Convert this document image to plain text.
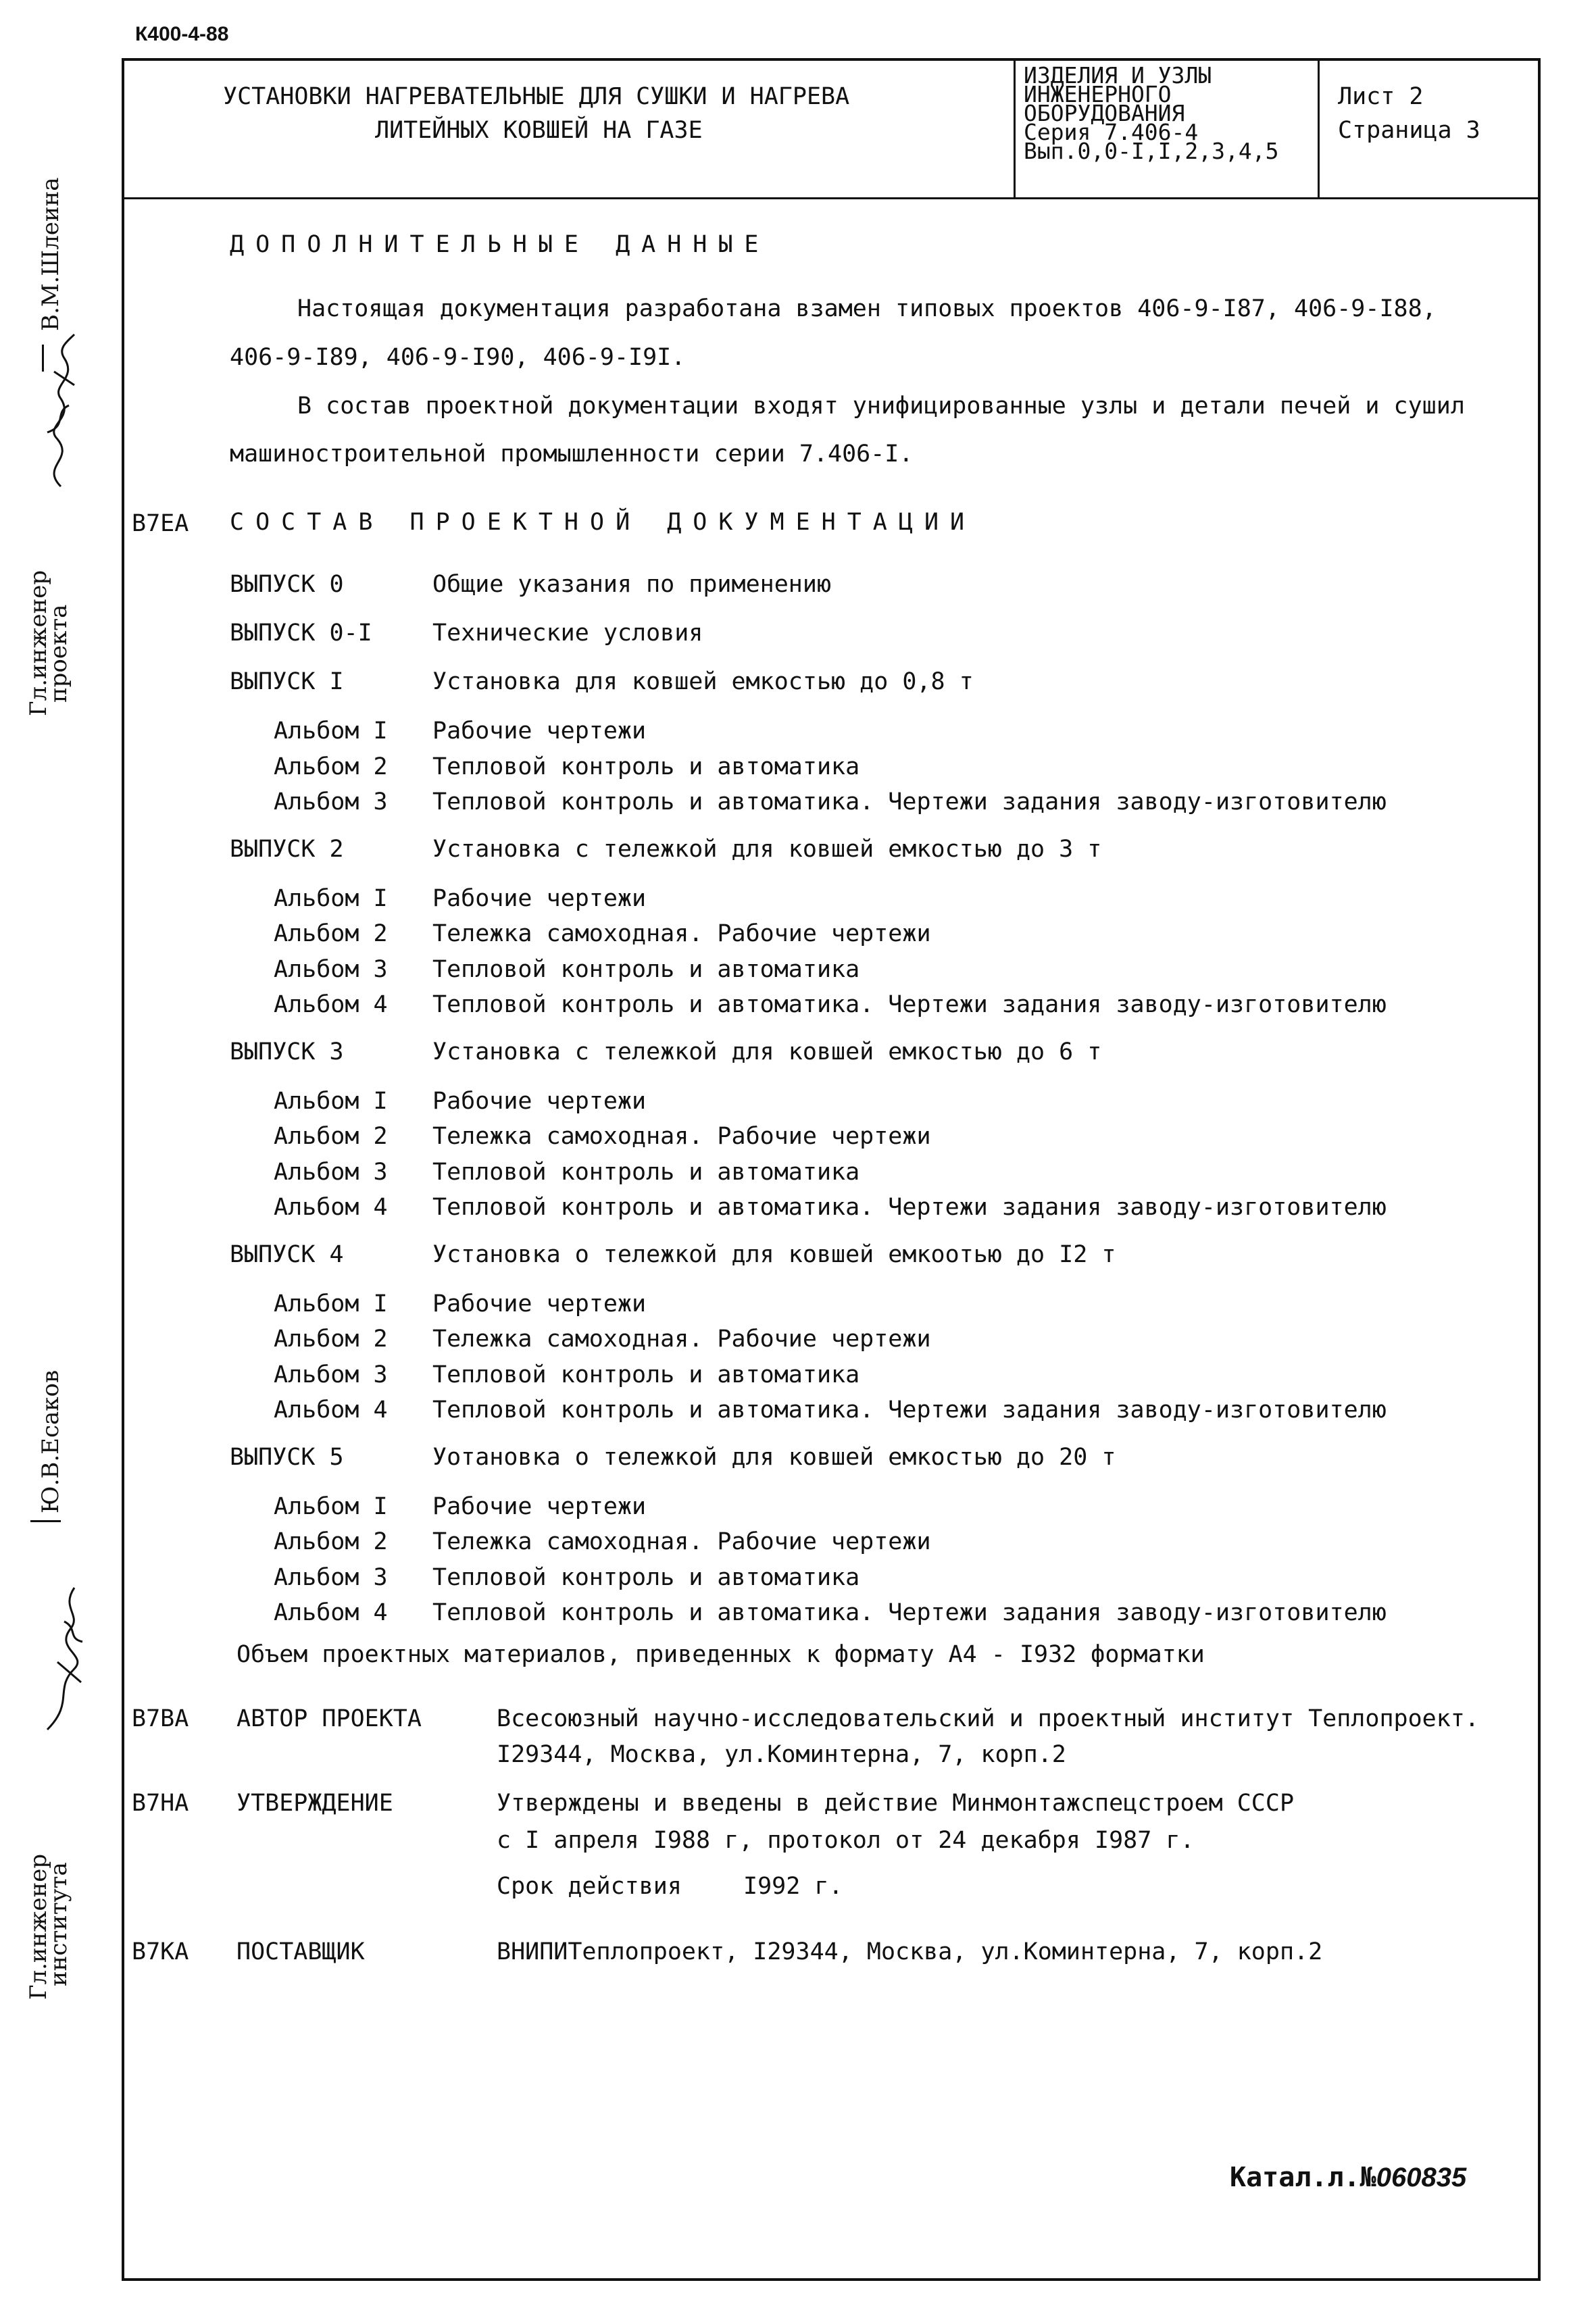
К400-4-88
УСТАНОВКИ НАГРЕВАТЕЛЬНЫЕ ДЛЯ СУШКИ И НАГРЕВА
ЛИТЕЙНЫХ КОВШЕЙ НА ГАЗЕ
ИЗДЕЛИЯ И УЗЛЫ
ИНЖЕНЕРНОГО
ОБОРУДОВАНИЯ
Серия 7.406-4
Вып.0,0-I,I,2,3,4,5
Лист 2
Страница 3
Гл.инженер
проекта
В.М.Шлеина
Гл.инженер
института
Ю.В.Есаков
ДОПОЛНИТЕЛЬНЫЕ ДАННЫЕ
Настоящая документация разработана взамен типовых проектов 406-9-I87, 406-9-I88,
406-9-I89, 406-9-I90, 406-9-I9I.
В состав проектной документации входят унифицированные узлы и детали печей и сушил
машиностроительной промышленности серии 7.406-I.
В7ЕА СОСТАВ ПРОЕКТНОЙ ДОКУМЕНТАЦИИ
ВЫПУСК 0	Общие указания по применению
ВЫПУСК 0-I	Технические условия
ВЫПУСК I	Установка для ковшей емкостью до 0,8 т
Альбом I Рабочие чертежи
Альбом 2 Тепловой контроль и автоматика
Альбом 3 Тепловой контроль и автоматика. Чертежи задания заводу-изготовителю
ВЫПУСК 2	Установка с тележкой для ковшей емкостью до 3 т
Альбом I Рабочие чертежи
Альбом 2 Тележка самоходная. Рабочие чертежи
Альбом 3 Тепловой контроль и автоматика
Альбом 4 Тепловой контроль и автоматика. Чертежи задания заводу-изготовителю
ВЫПУСК 3	Установка с тележкой для ковшей емкостью до 6 т
Альбом I Рабочие чертежи
Альбом 2 Тележка самоходная. Рабочие чертежи
Альбом 3 Тепловой контроль и автоматика
Альбом 4 Тепловой контроль и автоматика. Чертежи задания заводу-изготовителю
ВЫПУСК 4	Установка о тележкой для ковшей емкоотью до I2 т
Альбом I Рабочие чертежи
Альбом 2 Тележка самоходная. Рабочие чертежи
Альбом 3 Тепловой контроль и автоматика
Альбом 4 Тепловой контроль и автоматика. Чертежи задания заводу-изготовителю
ВЫПУСК 5	Уотановка о тележкой для ковшей емкостью до 20 т
Альбом I Рабочие чертежи
Альбом 2 Тележка самоходная. Рабочие чертежи
Альбом 3 Тепловой контроль и автоматика
Альбом 4 Тепловой контроль и автоматика. Чертежи задания заводу-изготовителю
Объем проектных материалов, приведенных к формату А4 - I932 форматки
В7ВА АВТОР ПРОЕКТА	Всесоюзный научно-исследовательский и проектный институт Теплопроект.
I29344, Москва, ул.Коминтерна, 7, корп.2
В7НА УТВЕРЖДЕНИЕ	Утверждены и введены в действие Минмонтажспецстроем СССР
с I апреля I988 г, протокол от 24 декабря I987 г.
Срок действия	I992 г.
В7КА ПОСТАВЩИК	ВНИПИТеплопроект, I29344, Москва, ул.Коминтерна, 7, корп.2
Катал.л.№060835
